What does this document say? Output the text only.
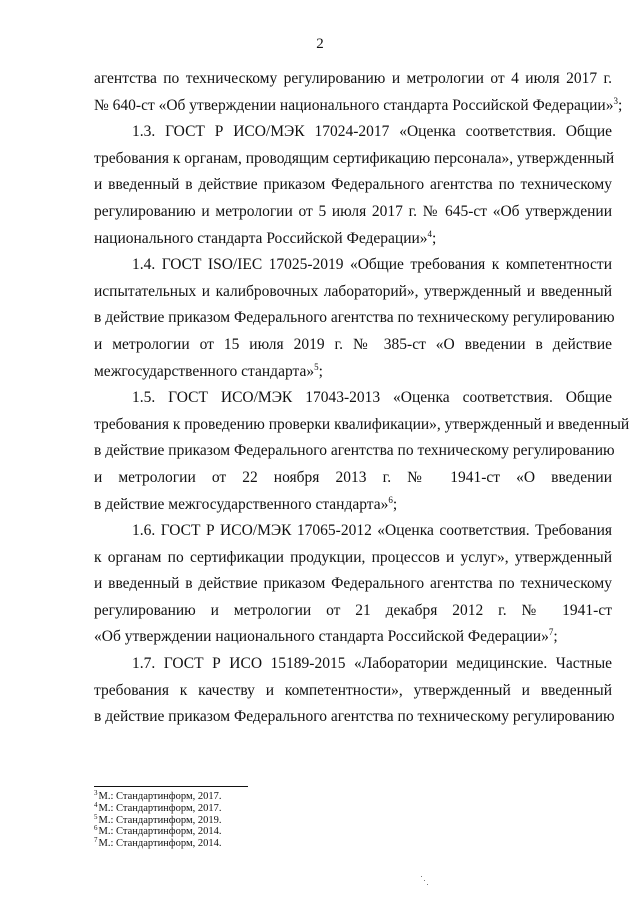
2
агентства по техническому регулированию и метрологии от 4 июля 2017 г.
№ 640-ст «Об утверждении национального стандарта Российской Федерации»$^3$;
1.3. ГОСТ Р ИСО/МЭК 17024-2017 «Оценка соответствия. Общие
требования к органам, проводящим сертификацию персонала», утвержденный
и введенный в действие приказом Федерального агентства по техническому
регулированию и метрологии от 5 июля 2017 г. № 645-ст «Об утверждении
национального стандарта Российской Федерации»$^4$;
1.4. ГОСТ ISO/IEC 17025-2019 «Общие требования к компетентности
испытательных и калибровочных лабораторий», утвержденный и введенный
в действие приказом Федерального агентства по техническому регулированию
и метрологии от 15 июля 2019 г. № 385-ст «О введении в действие
межгосударственного стандарта»$^5$;
1.5. ГОСТ ИСО/МЭК 17043-2013 «Оценка соответствия. Общие
требования к проведению проверки квалификации», утвержденный и введенный
в действие приказом Федерального агентства по техническому регулированию
и метрологии от 22 ноября 2013 г. № 1941-ст «О введении
в действие межгосударственного стандарта»$^6$;
1.6. ГОСТ Р ИСО/МЭК 17065-2012 «Оценка соответствия. Требования
к органам по сертификации продукции, процессов и услуг», утвержденный
и введенный в действие приказом Федерального агентства по техническому
регулированию и метрологии от 21 декабря 2012 г. № 1941-ст
«Об утверждении национального стандарта Российской Федерации»$^7$;
1.7. ГОСТ Р ИСО 15189-2015 «Лаборатории медицинские. Частные
требования к качеству и компетентности», утвержденный и введенный
в действие приказом Федерального агентства по техническому регулированию
$^3$М.: Стандартинформ, 2017.
$^4$М.: Стандартинформ, 2017.
$^5$М.: Стандартинформ, 2019.
$^6$М.: Стандартинформ, 2014.
$^7$М.: Стандартинформ, 2014.
